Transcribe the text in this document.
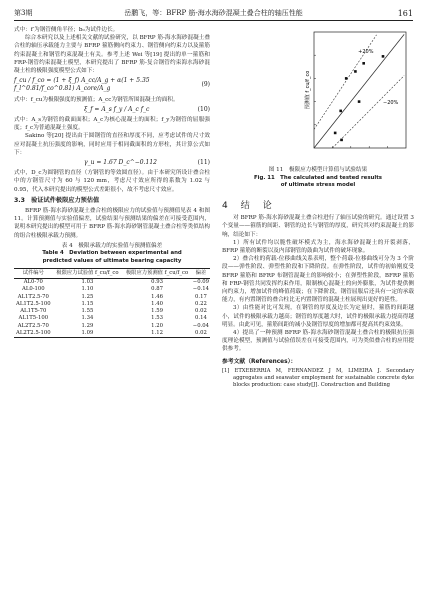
第3期	岳鹏飞，等：BFRP 筋-海水海砂混凝土叠合柱的轴压性能	161

式中：f′为钢管侧角半径；b₀为试件边长。

综合本研究以及上述相关文献的试验研究，以 BFRP 筋-海水海砂混凝土叠合柱的轴压承载能力主要与 BFRP 箍筋侧向约束力、钢管侧向约束力以及箍筋约束混凝土和钢管约束混凝土有关。参考上述 Wei 等[19] 提出的单一箍筋和 FRP-钢管约束混凝土模型，本研究提出了 BFRP 筋-复合钢管约束海水海砂混凝土柱的极限强度模型公式如下：

f_cu / f_co = (1 + ξ_f) A_cc/A_g + α(1 + 5.35 f_l^0.81/f_co^0.81) A_core/A_g
(9)

式中：f_cu为极限强度的预测值；A_cc为钢管所围混凝土的面积。

ξ_f = A_s f_y / A_c f_c	(10)

式中：A_s为钢管的截面面积；A_c为核心混凝土的面积；f_y为钢管的屈服强度；f_c为普通混凝土强度。

Sakino 等[20] 提出由于圆钢管的直径和厚度不同，应考虑试件的尺寸效应对混凝土抗压强度的影响，同时应用于相同截面积的方形柱，其计算公式如下：

γ_u = 1.67 D_c^−0.112	(11)

式中，D_c为圆钢管的直径（方钢管的等效圆直径）。由于本研究所设计叠合柱中的方钢管尺寸为 60 与 120 mm，考虑尺寸效应所得的系数为 1.02 与 0.95，代入本研究提出的模型公式差距很小，故不考虑尺寸效应。

3.3　验证试件极限应力预估值

BFRP 筋-海水海砂混凝土叠合柱的极限应力的试验值与预测值见表 4 和图 11。计算预测值与实验值偏差，试验结果与预测结果的偏差在可接受范围内，说明本研究提出的模型可用于 BFRP 筋-海水海砂钢管混凝土叠合柱等类似结构的组合柱极限承载力预测。

表 4　极限承载力的实验值与预测值偏差
Table 4　Deviation between experimental and
predicted values of ultimate bearing capacity
试件编号	极限应力试验值 f_cu/f_co	极限应力预测值 f_cu/f_co	偏差
AL0-70	1.03	0.93	−0.09
AL0-100	1.10	0.87	−0.14
AL1T2.5-70	1.25	1.46	0.17
AL1T2.5-100	1.15	1.40	0.22
AL1T5-70	1.55	1.59	0.02
AL1T5-100	1.34	1.53	0.14
AL2T2.5-70	1.29	1.20	−0.04
AL2T2.5-100	1.09	1.12	0.02
+20%
−20%
预测值 f_cu/f_co
图 11　极限应力模型计算值与试验结果
Fig. 11　The calculated and tested results
of ultimate stress model
4　结　论

对 BFRP 筋-海水海砂混凝土叠合柱进行了轴压试验的研究。通过设置 3 个变量——箍筋的间距、钢管的边长与钢管的厚度，研究其对约束混凝土的影响，结论如下：

1）所有试件均以脆性破坏模式为主，海水海砂混凝土的开裂剥落，BFRP 箍筋的断裂以及内部钢管的鼓曲为试件的破坏现象。

2）叠合柱的荷载-位移曲线关系表明，整个荷载-位移曲线可分为 3 个阶段——弹性阶段、弹塑性阶段和下降阶段。在弹性阶段，试件的初始刚度受 BFRP 箍筋和 BFRP 布钢管混凝土的影响较小；在弹塑性阶段，BFRP 箍筋和 FRP-钢管共同发挥约束作用，限制核心混凝土的向外膨胀，为试件提供侧向约束力，增加试件的峰值荷载；在下降阶段，钢管屈服后还具有一定的承载能力，有内置钢管的叠合柱比无内置钢管的混凝土柱展现出更好的延性。

3）由性能对比可发现，在钢管的厚度及边长为定量时，箍筋的间距越小，试件的极限承载力越高；钢管的厚度越大时，试件的极限承载力提高得越明显。由此可见，箍筋间距的减小及钢管厚度的增加都可提高其约束效果。

4）提出了一种预测 BFRP 筋-海水海砂钢管混凝土叠合柱的极限抗压强度理论模型，预测值与试验值误差在可接受范围内，可为类似叠合柱的应用提供参考。

参考文献（References）：

[1] ETXEBERRIA M, FERNANDEZ J M, LIMEIRA J. Secondary aggregates and seawater employment for sustainable concrete dyke blocks production: case study[J]. Construction and Building
